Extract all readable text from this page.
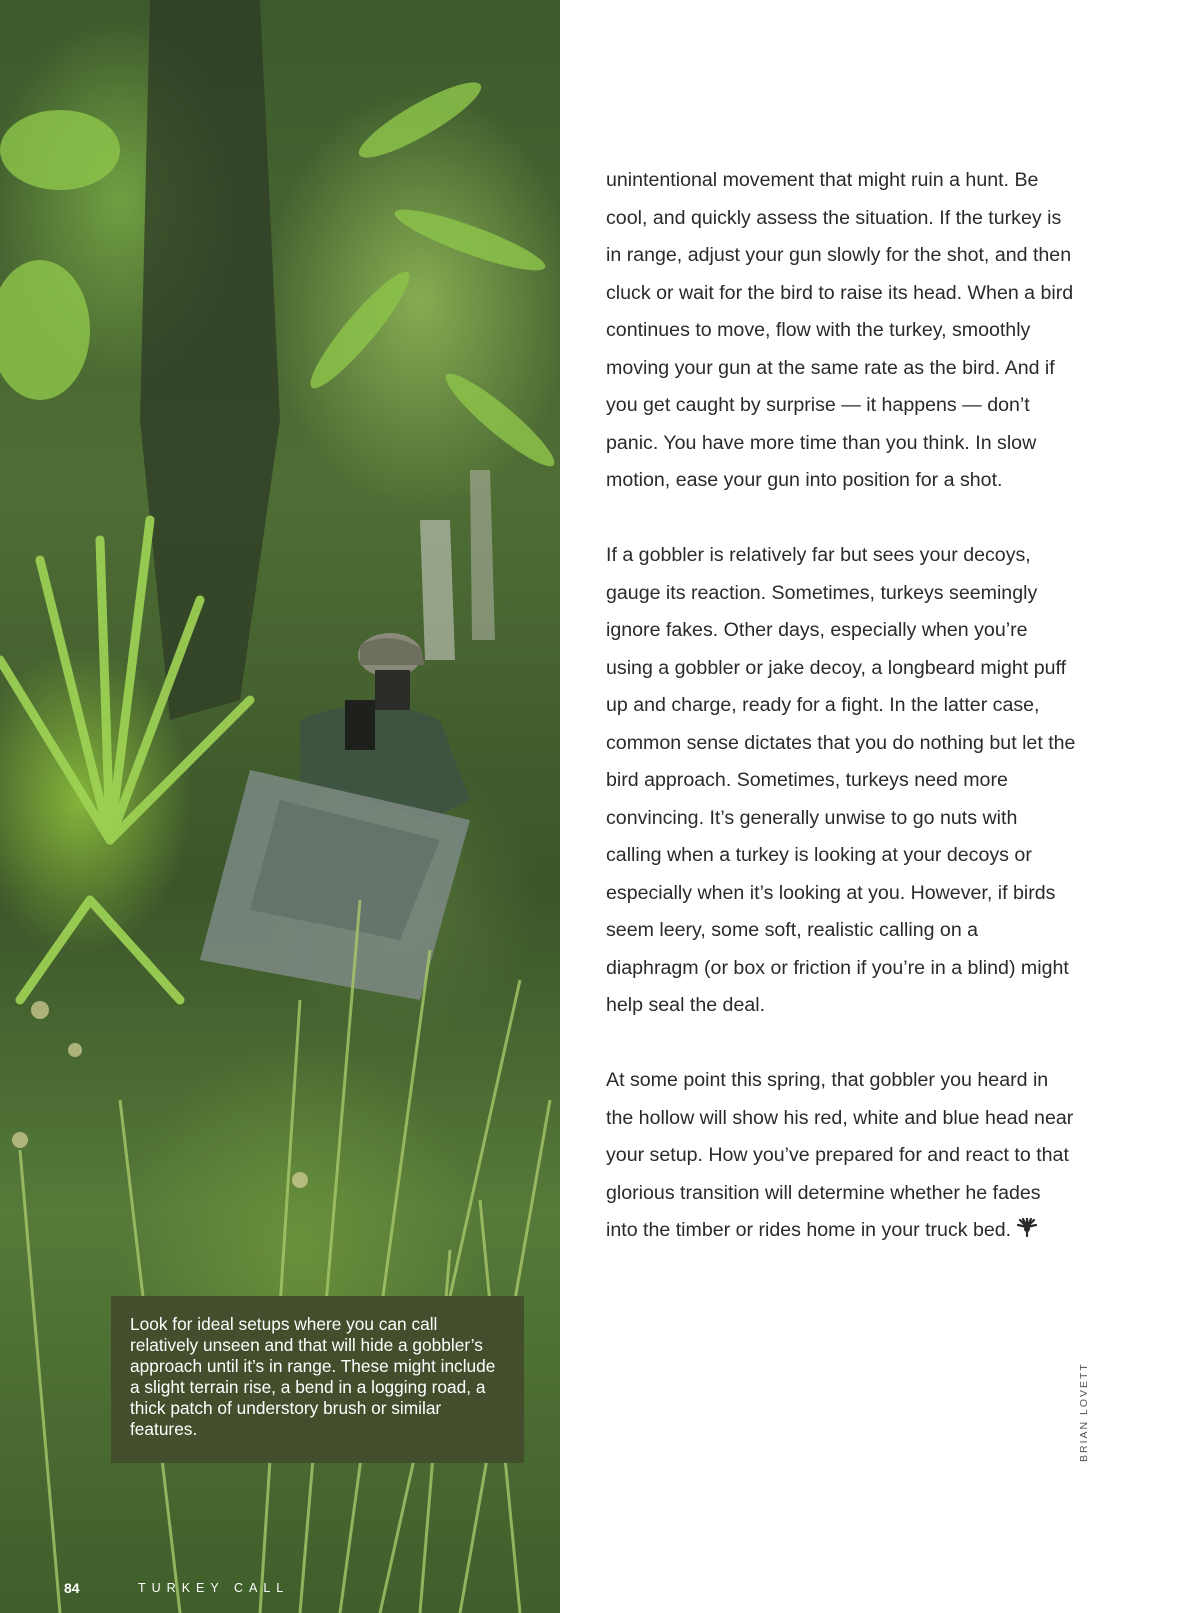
Look for ideal setups where you can call relatively unseen and that will hide a gobbler’s approach until it’s in range. These might include a slight terrain rise, a bend in a logging road, a thick patch of understory brush or similar features.
84	TURKEY CALL

unintentional movement that might ruin a hunt. Be cool, and quickly assess the situation. If the turkey is in range, adjust your gun slowly for the shot, and then cluck or wait for the bird to raise its head. When a bird continues to move, flow with the turkey, smoothly moving your gun at the same rate as the bird. And if you get caught by surprise — it happens — don’t panic. You have more time than you think. In slow motion, ease your gun into position for a shot.

If a gobbler is relatively far but sees your decoys, gauge its reaction. Sometimes, turkeys seemingly ignore fakes. Other days, especially when you’re using a gobbler or jake decoy, a longbeard might puff up and charge, ready for a fight. In the latter case, common sense dictates that you do nothing but let the bird approach. Sometimes, turkeys need more convincing. It’s generally unwise to go nuts with calling when a turkey is looking at your decoys or especially when it’s looking at you. However, if birds seem leery, some soft, realistic calling on a diaphragm (or box or friction if you’re in a blind) might help seal the deal.

At some point this spring, that gobbler you heard in the hollow will show his red, white and blue head near your setup. How you’ve prepared for and react to that glorious transition will determine whether he fades into the timber or rides home in your truck bed.

BRIAN LOVETT
